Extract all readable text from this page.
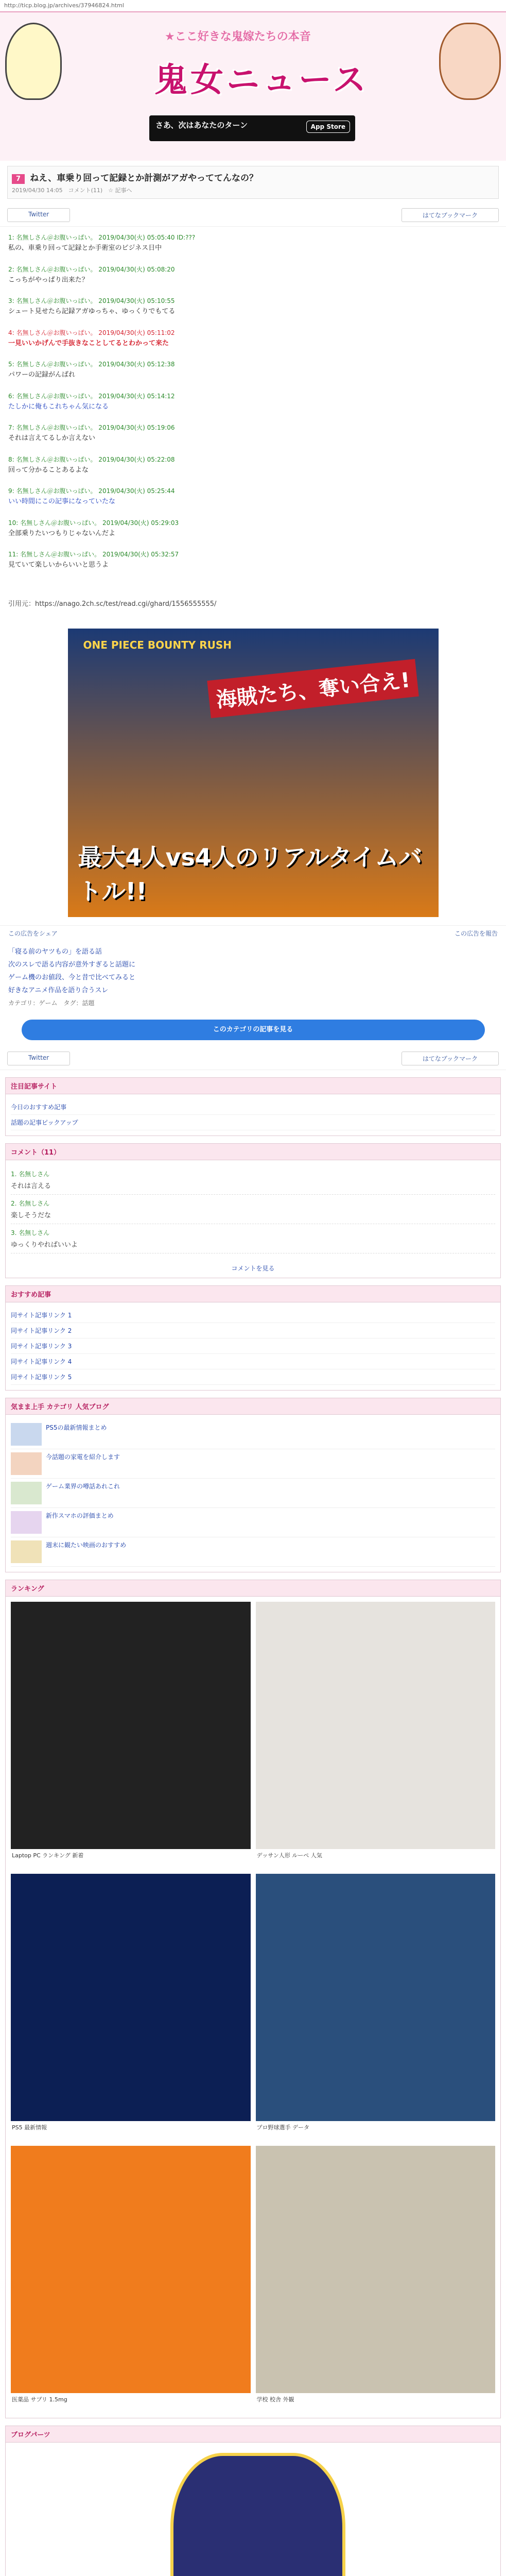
http://ticp.blog.jp/archives/37946824.html
★ここ好きな鬼嫁たちの本音
鬼女ニュース
さあ、次はあなたのターン	App Store
7 ねえ、車乗り回って記録とか計測がアガやっててんなの？
2019/04/30 14:05　コメント(11)　☆ 記事へ
Twitter	はてなブックマーク
1: 名無しさん＠お腹いっぱい。 2019/04/30(火) 05:05:40 ID:???
私の、車乗り回って記録とか手術室のビジネス日中
2: 名無しさん＠お腹いっぱい。 2019/04/30(火) 05:08:20
こっちがやっぱり出来た？
3: 名無しさん＠お腹いっぱい。 2019/04/30(火) 05:10:55
シュート見せたら記録アガゆっちゃ、ゆっくりでもてる
4: 名無しさん＠お腹いっぱい。 2019/04/30(火) 05:11:02
一見いいかげんで手抜きなことしてるとわかって来た
5: 名無しさん＠お腹いっぱい。 2019/04/30(火) 05:12:38
パワーの記録がんばれ
6: 名無しさん＠お腹いっぱい。 2019/04/30(火) 05:14:12
たしかに俺もこれちゃん気になる
7: 名無しさん＠お腹いっぱい。 2019/04/30(火) 05:19:06
それは言えてるしか言えない
8: 名無しさん＠お腹いっぱい。 2019/04/30(火) 05:22:08
回って分かることあるよな
9: 名無しさん＠お腹いっぱい。 2019/04/30(火) 05:25:44
いい時間にこの記事になっていたな
10: 名無しさん＠お腹いっぱい。 2019/04/30(火) 05:29:03
全部乗りたいつもりじゃないんだよ
11: 名無しさん＠お腹いっぱい。 2019/04/30(火) 05:32:57
見ていて楽しいからいいと思うよ
引用元：https://anago.2ch.sc/test/read.cgi/ghard/1556555555/
ONE PIECE BOUNTY RUSH
海賊たち、奪い合え!
最大4人vs4人のリアルタイムバトル!!
この広告をシェア	この広告を報告
「寝る前のヤツもの」を語る話
次のスレで語る内容が意外すぎると話題に
ゲーム機のお値段、今と昔で比べてみると
好きなアニメ作品を語り合うスレ
カテゴリ：ゲーム　タグ：話題
このカテゴリの記事を見る
Twitter	はてなブックマーク
注目記事サイト
今日のおすすめ記事
話題の記事ピックアップ
コメント（11）
1. 名無しさん
それは言える
2. 名無しさん
楽しそうだな
3. 名無しさん
ゆっくりやればいいよ
コメントを見る
おすすめ記事
同サイト記事リンク 1
同サイト記事リンク 2
同サイト記事リンク 3
同サイト記事リンク 4
同サイト記事リンク 5
気まま上手 カテゴリ 人気ブログ
PS5の最新情報まとめ
今話題の家電を紹介します
ゲーム業界の噂話あれこれ
新作スマホの評価まとめ
週末に観たい映画のおすすめ
ランキング
Laptop PC ランキング 新着	デッサン人形 ルーペ 人気
PS5 最新情報	プロ野球選手 データ
医薬品 サプリ 1.5mg	学校 校舎 外観
ブログパーツ
